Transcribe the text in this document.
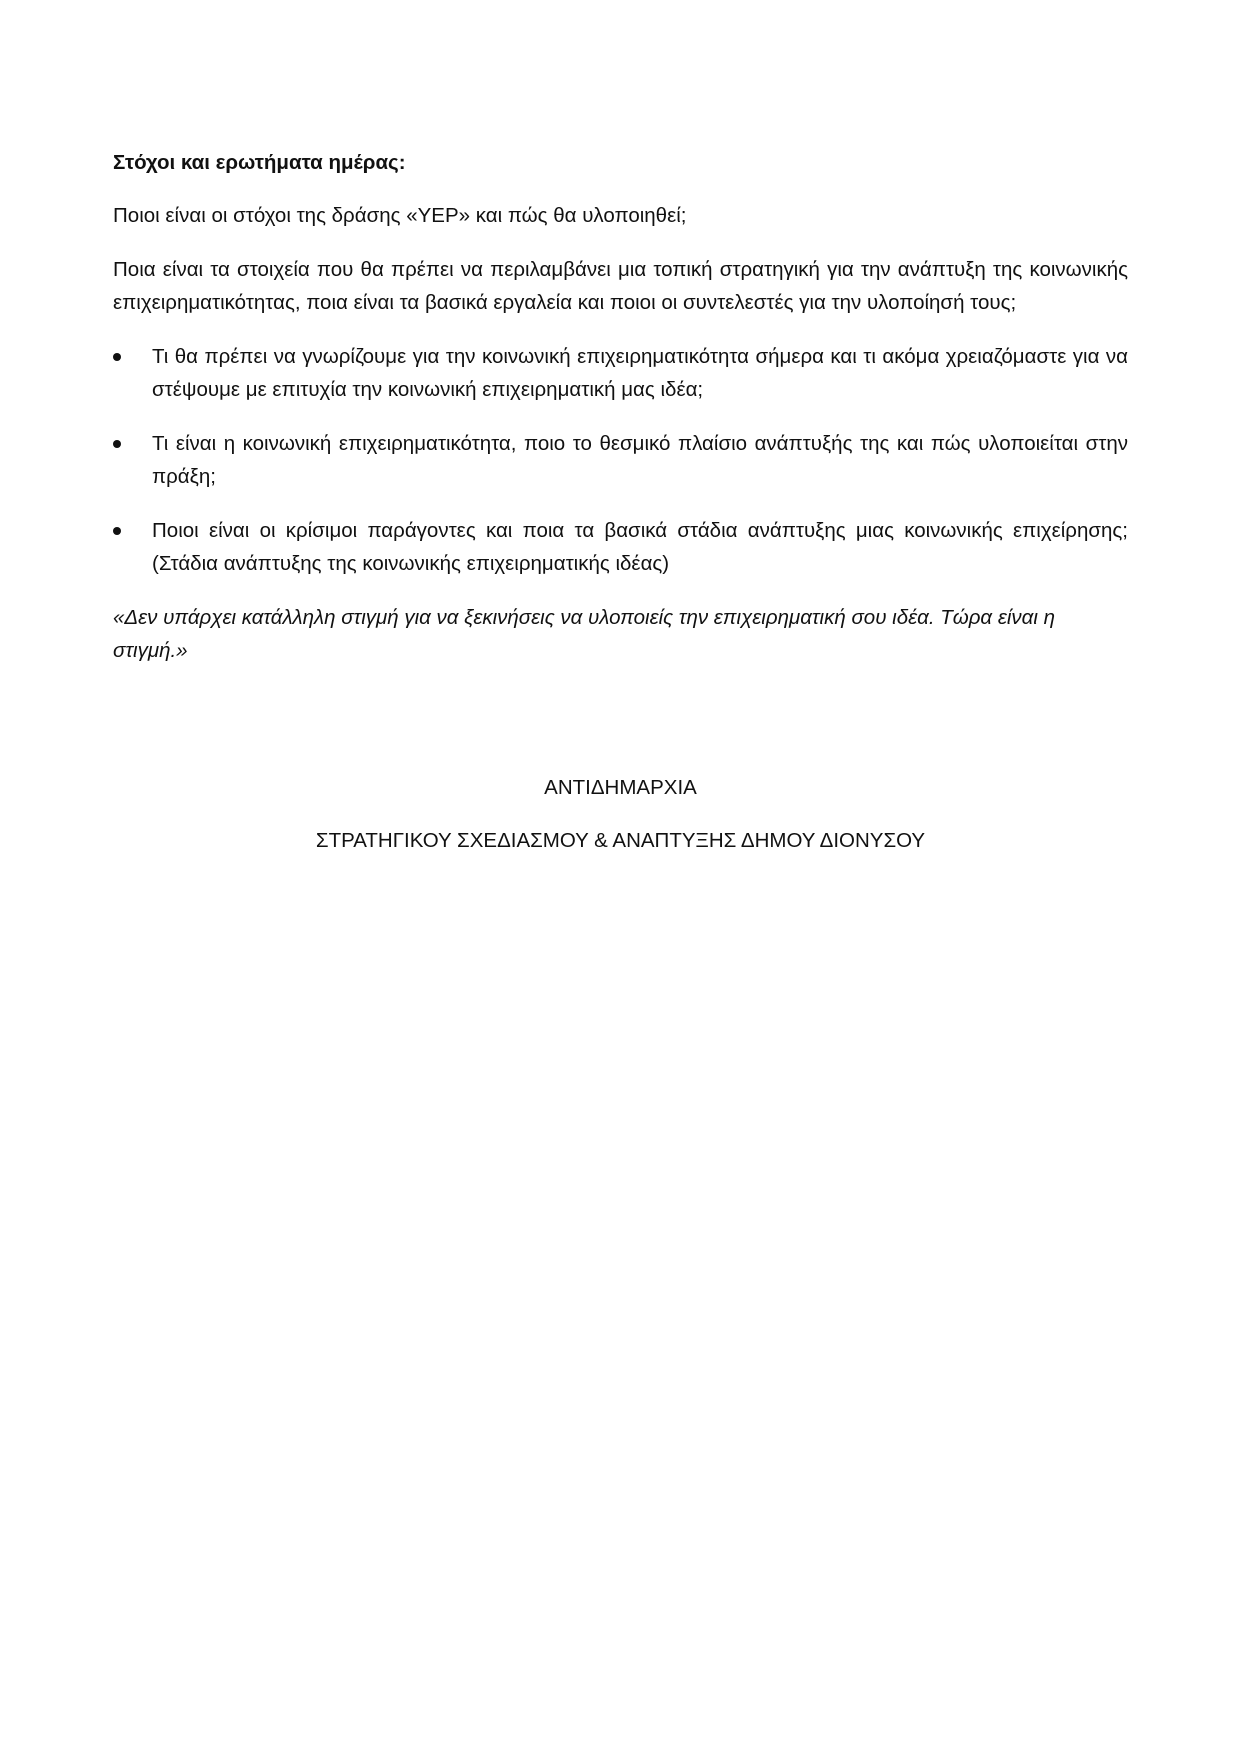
Στόχοι και ερωτήματα ημέρας:

Ποιοι είναι οι στόχοι της δράσης «ΥΕΡ» και πώς θα υλοποιηθεί;

Ποια είναι τα στοιχεία που θα πρέπει να περιλαμβάνει μια τοπική στρατηγική για την ανάπτυξη της κοινωνικής επιχειρηματικότητας, ποια είναι τα βασικά εργαλεία και ποιοι οι συντελεστές για την υλοποίησή τους;

Τι θα πρέπει να γνωρίζουμε για την κοινωνική επιχειρηματικότητα σήμερα και τι ακόμα χρειαζόμαστε για να στέψουμε με επιτυχία την κοινωνική επιχειρηματική μας ιδέα;
Τι είναι η κοινωνική επιχειρηματικότητα, ποιο το θεσμικό πλαίσιο ανάπτυξής της και πώς υλοποιείται στην πράξη;
Ποιοι είναι οι κρίσιμοι παράγοντες και ποια τα βασικά στάδια ανάπτυξης μιας κοινωνικής επιχείρησης; (Στάδια ανάπτυξης της κοινωνικής επιχειρηματικής ιδέας)

«Δεν υπάρχει κατάλληλη στιγμή για να ξεκινήσεις να υλοποιείς την επιχειρηματική σου ιδέα. Τώρα είναι η στιγμή.»

ΑΝΤΙΔΗΜΑΡΧΙΑ

ΣΤΡΑΤΗΓΙΚΟΥ ΣΧΕΔΙΑΣΜΟΥ & ΑΝΑΠΤΥΞΗΣ ΔΗΜΟΥ ΔΙΟΝΥΣΟΥ
